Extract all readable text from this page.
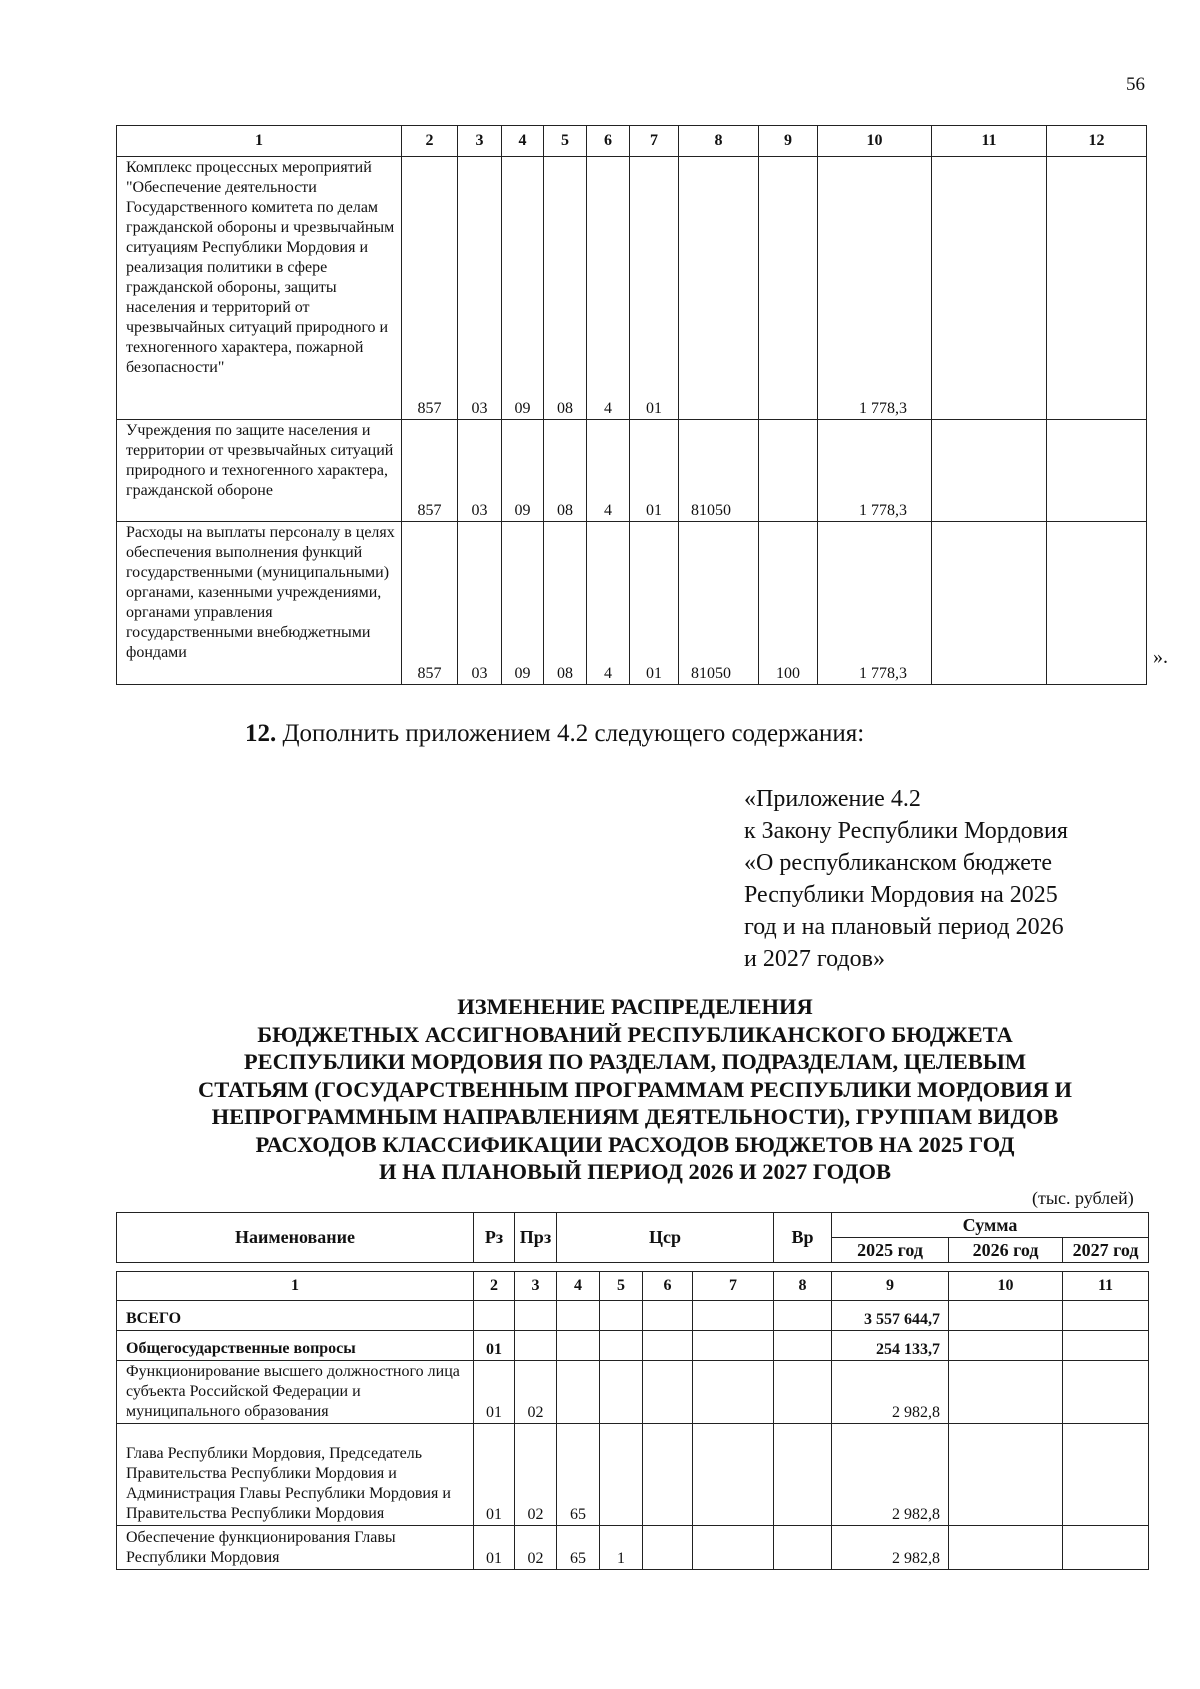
56
1	2	3	4	5	6	7	8	9	10	11	12
Комплекс процессных мероприятий "Обеспечение деятельности Государственного комитета по делам гражданской обороны и чрезвычайным ситуациям Республики Мордовия и реализация политики в сфере гражданской обороны, защиты населения и территорий от чрезвычайных ситуаций природного и техногенного характера, пожарной безопасности"	857	03	09	08	4	01			1 778,3		
Учреждения по защите населения и территории от чрезвычайных ситуаций природного и техногенного характера, гражданской обороне	857	03	09	08	4	01	81050		1 778,3		
Расходы на выплаты персоналу в целях обеспечения выполнения функций государственными (муниципальными) органами, казенными учреждениями, органами управления государственными внебюджетными фондами	857	03	09	08	4	01	81050	100	1 778,3		
».
12. Дополнить приложением 4.2 следующего содержания:
«Приложение 4.2
к Закону Республики Мордовия
«О республиканском бюджете
Республики Мордовия на 2025
год и на плановый период 2026
и 2027 годов»
ИЗМЕНЕНИЕ РАСПРЕДЕЛЕНИЯ
БЮДЖЕТНЫХ АССИГНОВАНИЙ РЕСПУБЛИКАНСКОГО БЮДЖЕТА
РЕСПУБЛИКИ МОРДОВИЯ ПО РАЗДЕЛАМ, ПОДРАЗДЕЛАМ, ЦЕЛЕВЫМ
СТАТЬЯМ (ГОСУДАРСТВЕННЫМ ПРОГРАММАМ РЕСПУБЛИКИ МОРДОВИЯ И
НЕПРОГРАММНЫМ НАПРАВЛЕНИЯМ ДЕЯТЕЛЬНОСТИ), ГРУППАМ ВИДОВ
РАСХОДОВ КЛАССИФИКАЦИИ РАСХОДОВ БЮДЖЕТОВ НА 2025 ГОД
И НА ПЛАНОВЫЙ ПЕРИОД 2026 И 2027 ГОДОВ
(тыс. рублей)
Наименование	Рз	Прз	Цср	Вр	Сумма		
					2025 год	2026 год	2027 год
1	2	3	4	5	6	7	8	9	10	11
ВСЕГО								3 557 644,7		
Общегосударственные вопросы	01							254 133,7		
Функционирование высшего должностного лица субъекта Российской Федерации и муниципального образования	01	02						2 982,8		
Глава Республики Мордовия, Председатель Правительства Республики Мордовия и Администрация Главы Республики Мордовия и Правительства Республики Мордовия	01	02	65					2 982,8		
Обеспечение функционирования Главы Республики Мордовия	01	02	65	1				2 982,8		
